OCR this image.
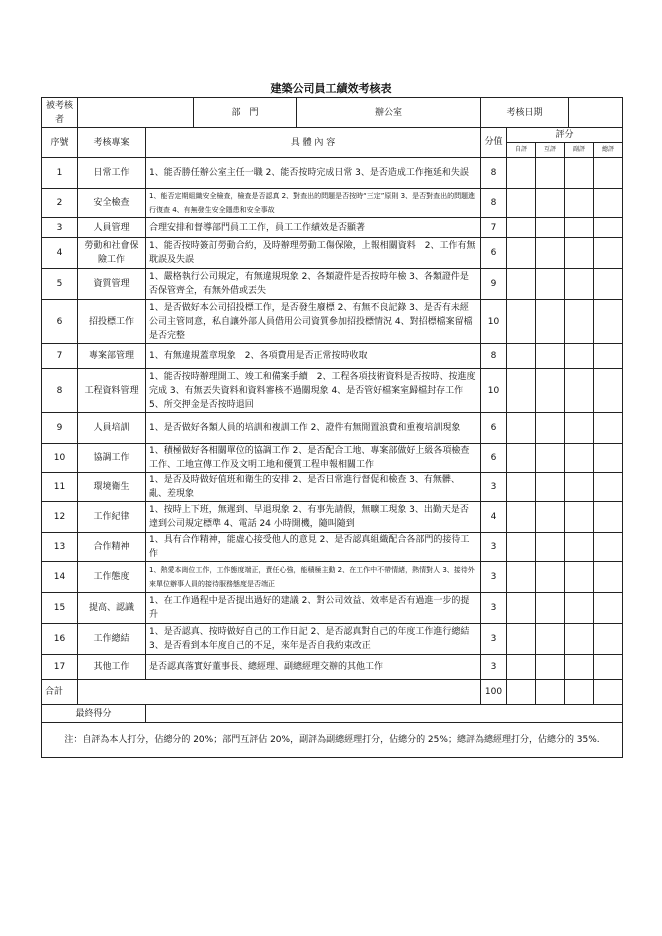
建築公司員工績效考核表
被考核者	部　門 辦公室		考核日期				

序號	考核專案	具 體 內 容	分值	評分			
				自評	互評	副評	總評
1	日常工作	1、能否勝任辦公室主任一職 2、能否按時完成日常 3、是否造成工作拖延和失誤	8				
2	安全檢查	1、能否定期組織安全檢查，檢查是否認真 2、對查出的問題是否按時“三定”原則 3、是否對查出的問題進行復查 4、有無發生安全隱患和安全事故	8				
3	人員管理	合理安排和督導部門員工工作，員工工作績效是否顯著	7				
4	勞動和社會保險工作	1、能否按時簽訂勞動合約，及時辦理勞動工傷保險，上報相關資料　2、工作有無耽誤及失誤	6				
5	資質管理	1、嚴格執行公司規定，有無違規現象 2、各類證件是否按時年檢 3、各類證件是否保管齊全，有無外借或丟失	9				
6	招投標工作	1、是否做好本公司招投標工作，是否發生廢標 2、有無不良記錄 3、是否有未經公司主管同意，私自讓外部人員借用公司資質參加招投標情況 4、對招標檔案留檔是否完整	10				
7	專案部管理	1、有無違規蓋章現象　2、各項費用是否正常按時收取	8				
8	工程資料管理	1、能否按時辦理開工、竣工和備案手續　2、工程各項技術資料是否按時、按進度完成 3、有無丟失資料和資料審核不過關現象 4、是否管好檔案室歸檔封存工作 5、所交押金是否按時退回	10				
9	人員培訓	1、是否做好各類人員的培訓和複訓工作 2、證件有無閒置浪費和重複培訓現象	6				
10	協調工作	1、積極做好各相關單位的協調工作 2、是否配合工地、專案部做好上級各項檢查工作、工地宣傳工作及文明工地和優質工程申報相關工作	6				
11	環境衛生	1、是否及時做好值班和衛生的安排 2、是否日常進行督促和檢查 3、有無髒、亂、差現象	3				
12	工作紀律	1、按時上下班，無遲到、早退現象 2、有事先請假，無曠工現象 3、出勤天是否達到公司規定標準 4、電話 24 小時開機，隨叫隨到	4				
13	合作精神	1、具有合作精神，能虛心接受他人的意見 2、是否認真組織配合各部門的接待工作	3				
14	工作態度	1、熱愛本崗位工作，工作態度端正，責任心強，能積極主動 2、在工作中不帶情緒，熱情對人 3、接待外來單位辦事人員的接待服務態度是否端正	3				
15	提高、認識	1、在工作過程中是否提出過好的建議 2、對公司效益、效率是否有過進一步的提升	3				
16	工作總結	1、是否認真、按時做好自己的工作日記 2、是否認真對自己的年度工作進行總結 3、是否看到本年度自己的不足，來年是否自我約束改正	3				
17	其他工作	是否認真落實好董事長、總經理、副總經理交辦的其他工作	3				
合計			100				
最終得分							
注：自評為本人打分，佔總分的 20%；部門互評佔 20%，副評為副總經理打分，佔總分的 25%；總評為總經理打分，佔總分的 35%.							
